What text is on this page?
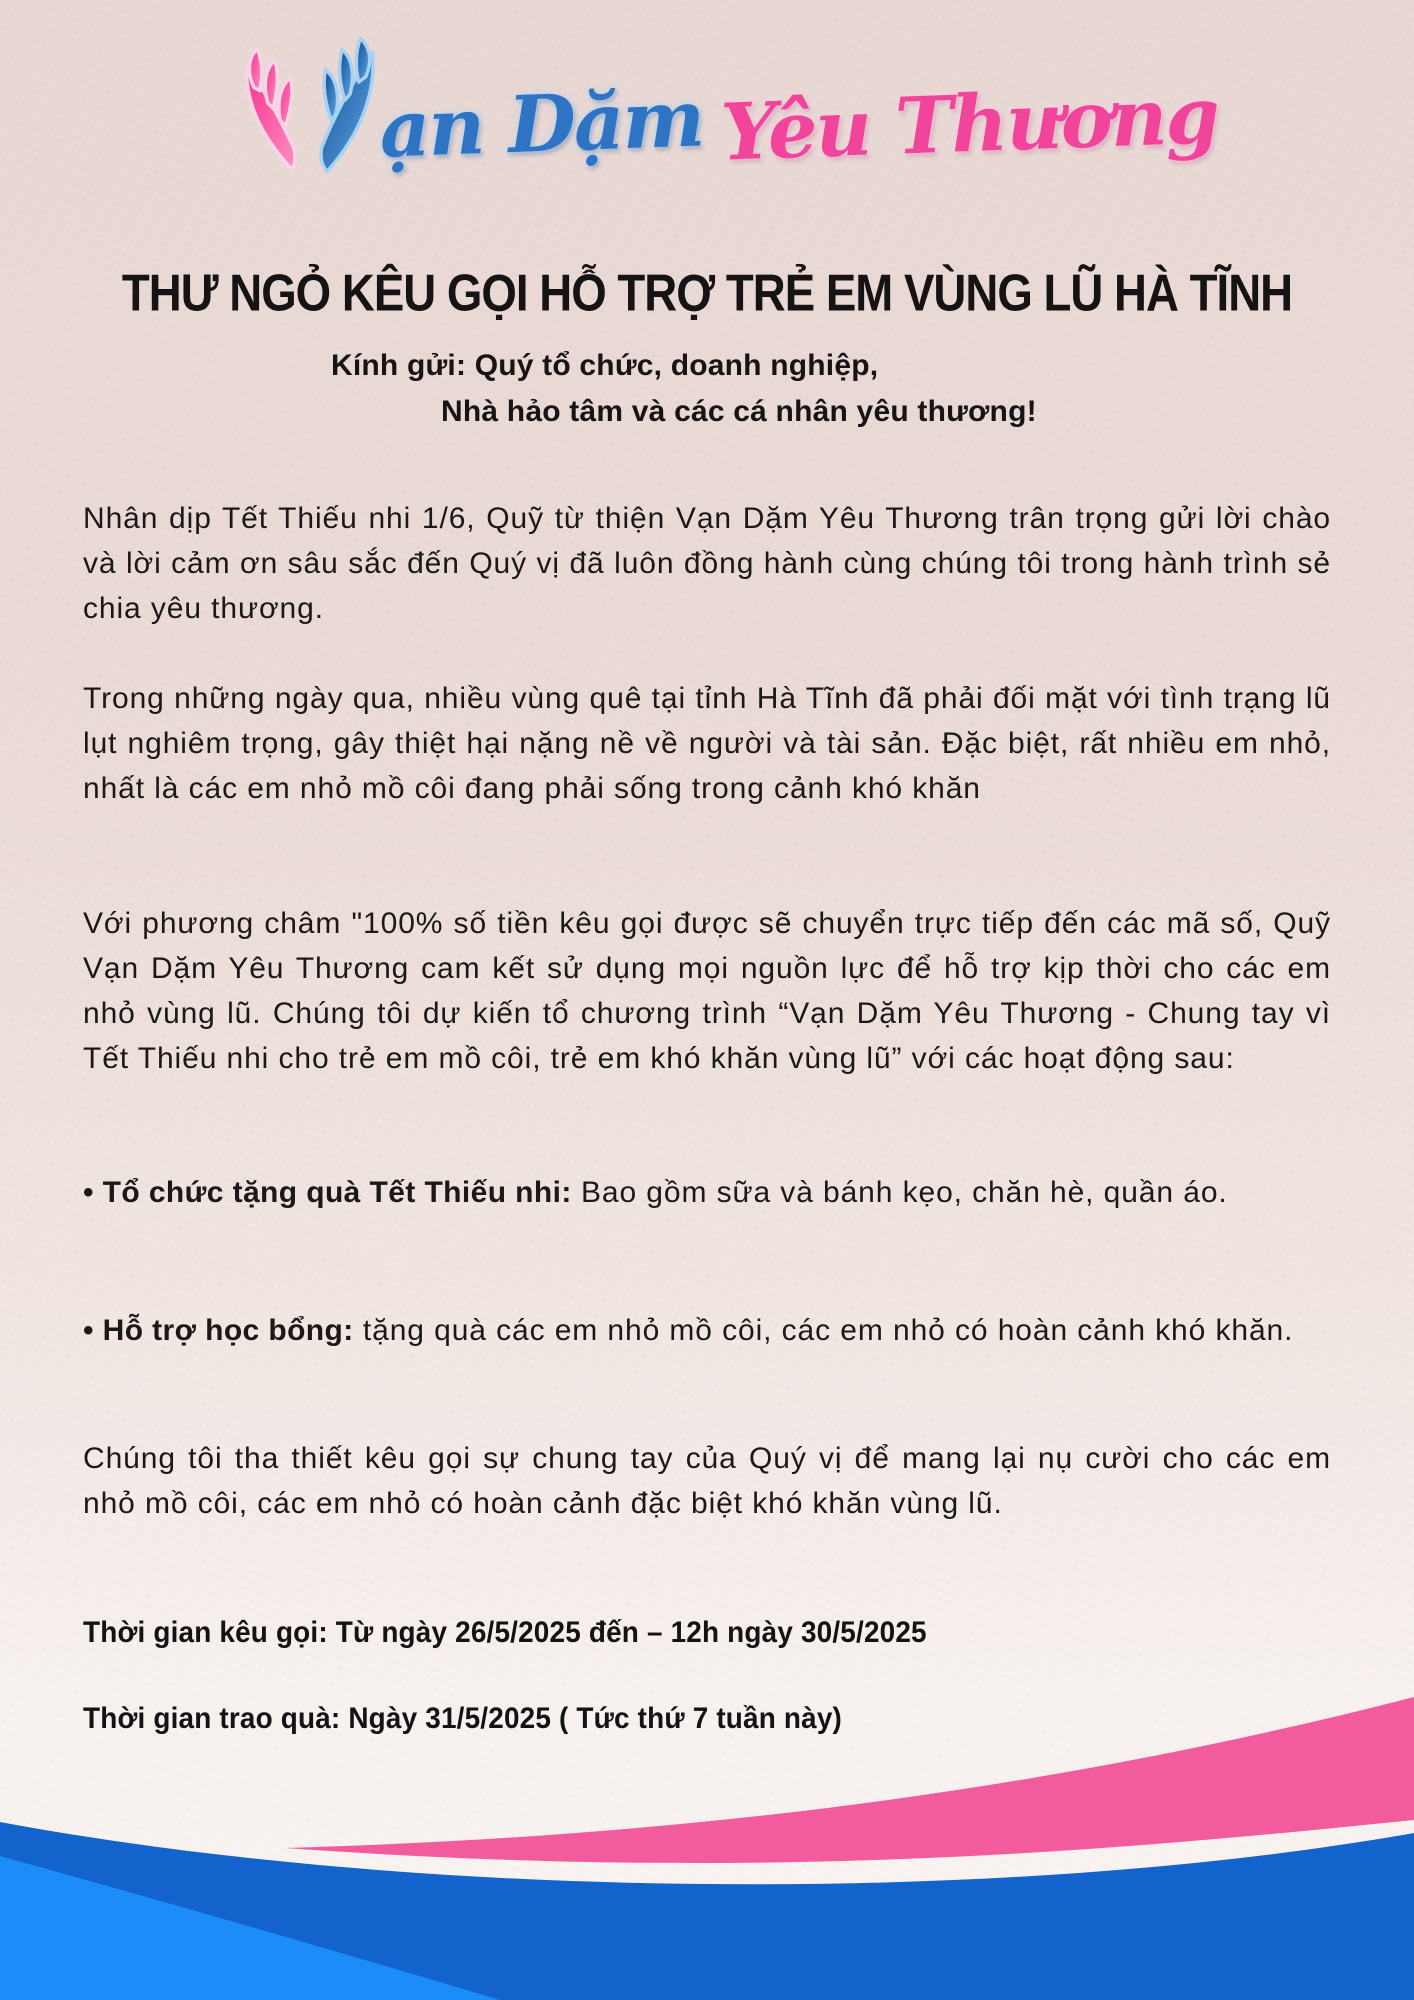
ạn Dặm Yêu Thương
THƯ NGỎ KÊU GỌI HỖ TRỢ TRẺ EM VÙNG LŨ HÀ TĨNH
Kính gửi: Quý tổ chức, doanh nghiệp,
Nhà hảo tâm và các cá nhân yêu thương!

Nhân dịp Tết Thiếu nhi 1/6, Quỹ từ thiện Vạn Dặm Yêu Thương trân trọng gửi lời chào và lời cảm ơn sâu sắc đến Quý vị đã luôn đồng hành cùng chúng tôi trong hành trình sẻ chia yêu thương.

Trong những ngày qua, nhiều vùng quê tại tỉnh Hà Tĩnh đã phải đối mặt với tình trạng lũ lụt nghiêm trọng, gây thiệt hại nặng nề về người và tài sản. Đặc biệt, rất nhiều em nhỏ, nhất là các em nhỏ mồ côi đang phải sống trong cảnh khó khăn

Với phương châm "100% số tiền kêu gọi được sẽ chuyển trực tiếp đến các mã số, Quỹ Vạn Dặm Yêu Thương cam kết sử dụng mọi nguồn lực để hỗ trợ kịp thời cho các em nhỏ vùng lũ. Chúng tôi dự kiến tổ chương trình “Vạn Dặm Yêu Thương - Chung tay vì Tết Thiếu nhi cho trẻ em mồ côi, trẻ em khó khăn vùng lũ” với các hoạt động sau:

• Tổ chức tặng quà Tết Thiếu nhi: Bao gồm sữa và bánh kẹo, chăn hè, quần áo.

• Hỗ trợ học bổng: tặng quà các em nhỏ mồ côi, các em nhỏ có hoàn cảnh khó khăn.

Chúng tôi tha thiết kêu gọi sự chung tay của Quý vị để mang lại nụ cười cho các em nhỏ mồ côi, các em nhỏ có hoàn cảnh đặc biệt khó khăn vùng lũ.

Thời gian kêu gọi: Từ ngày 26/5/2025 đến – 12h ngày 30/5/2025

Thời gian trao quà: Ngày 31/5/2025 ( Tức thứ 7 tuần này)
